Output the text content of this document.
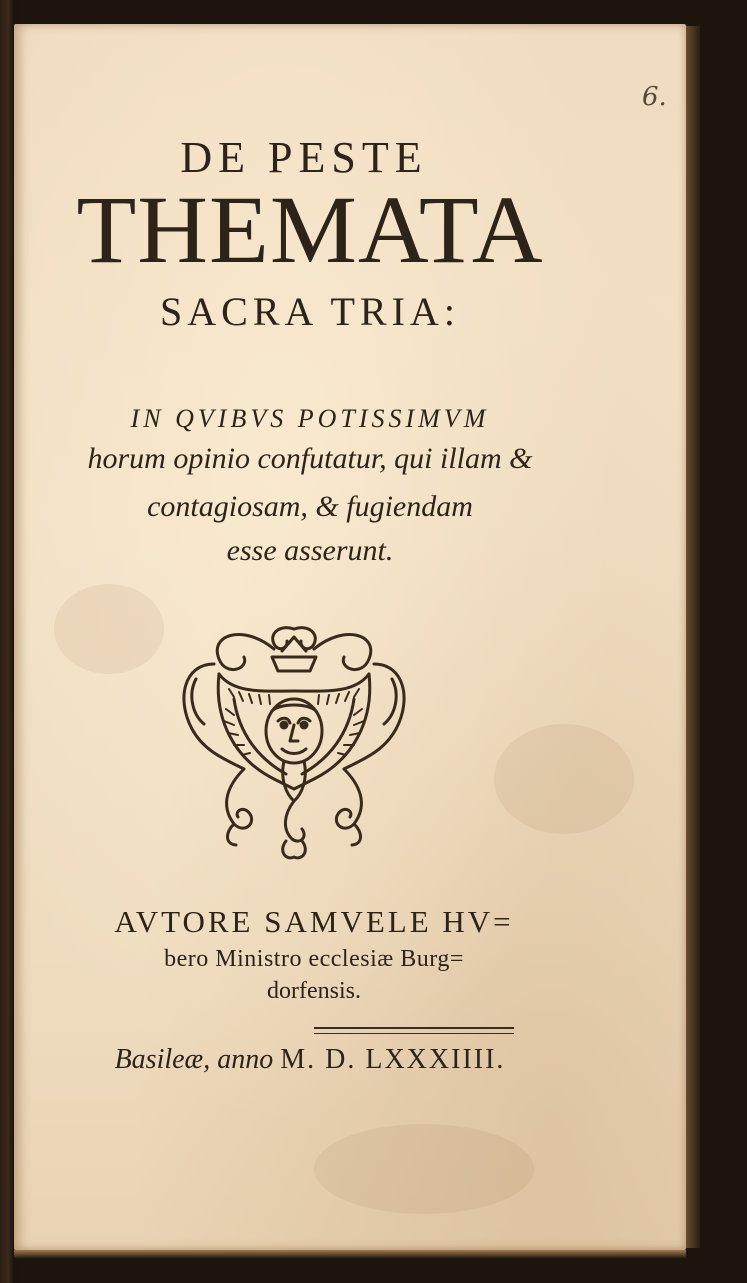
6.
DE PESTE
THEMATA
SACRA TRIA:
IN QVIBVS POTISSIMVM
horum opinio confutatur, qui illam &
contagiosam, & fugiendam
esse asserunt.
AVTORE SAMVELE HV=
bero Ministro ecclesiæ Burg=
dorfensis.
Basileæ, anno M. D. LXXXIIII.
